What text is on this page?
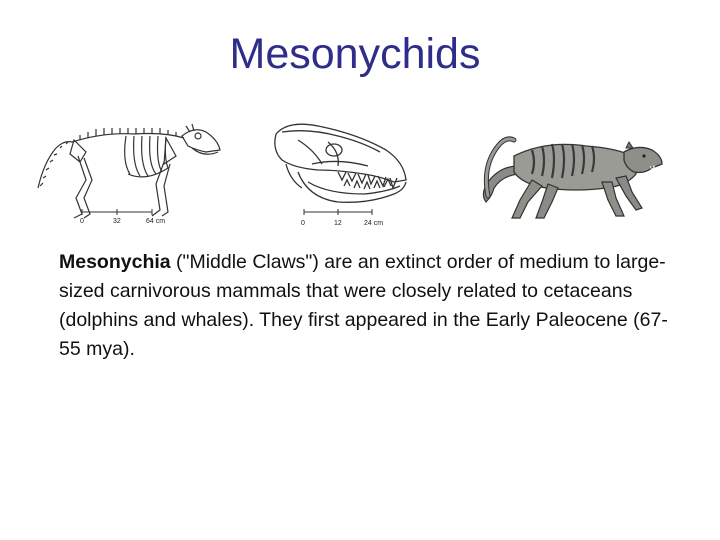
Mesonychids
0	32	64 cm	0	12	24 cm
Mesonychia ("Middle Claws") are an extinct order of medium to large-sized carnivorous mammals that were closely related to cetaceans (dolphins and whales). They first appeared in the Early Paleocene (67-55 mya).
